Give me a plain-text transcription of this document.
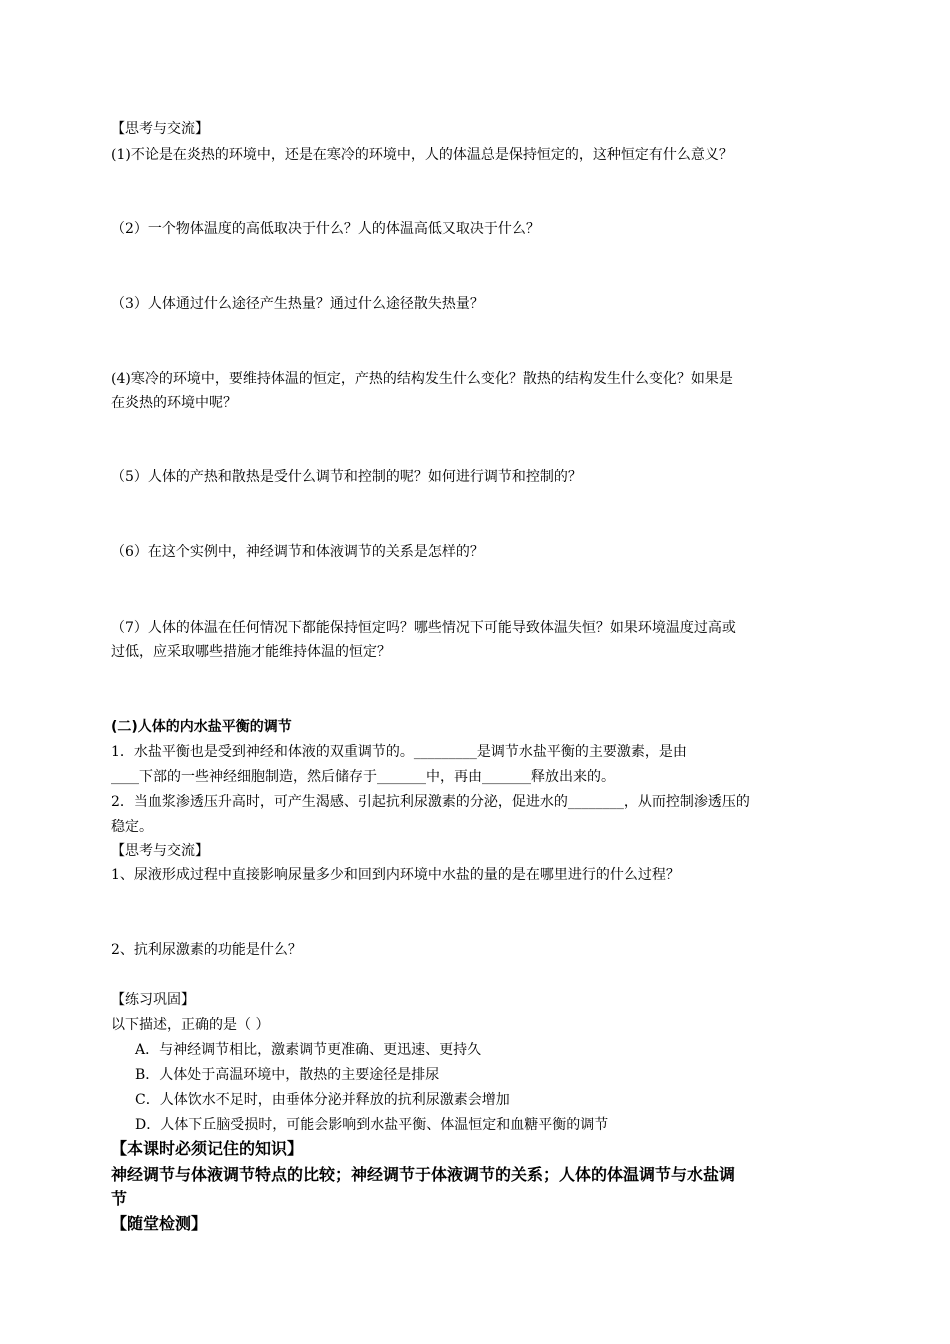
【思考与交流】
(1)不论是在炎热的环境中，还是在寒冷的环境中，人的体温总是保持恒定的，这种恒定有什么意义？
（2）一个物体温度的高低取决于什么？人的体温高低又取决于什么？
（3）人体通过什么途径产生热量？通过什么途径散失热量？
(4)寒冷的环境中，要维持体温的恒定，产热的结构发生什么变化？散热的结构发生什么变化？如果是
在炎热的环境中呢？
（5）人体的产热和散热是受什么调节和控制的呢？如何进行调节和控制的？
（6）在这个实例中，神经调节和体液调节的关系是怎样的？
（7）人体的体温在任何情况下都能保持恒定吗？哪些情况下可能导致体温失恒？如果环境温度过高或
过低，应采取哪些措施才能维持体温的恒定？
(二)人体的内水盐平衡的调节
1．水盐平衡也是受到神经和体液的双重调节的。_________是调节水盐平衡的主要激素，是由
____下部的一些神经细胞制造，然后储存于_______中，再由_______释放出来的。
2．当血浆渗透压升高时，可产生渴感、引起抗利尿激素的分泌，促进水的________，从而控制渗透压的
稳定。
【思考与交流】
1、尿液形成过程中直接影响尿量多少和回到内环境中水盐的量的是在哪里进行的什么过程？
2、抗利尿激素的功能是什么？
【练习巩固】
以下描述，正确的是（ ）
A．与神经调节相比，激素调节更准确、更迅速、更持久
B．人体处于高温环境中，散热的主要途径是排尿
C．人体饮水不足时，由垂体分泌并释放的抗利尿激素会增加
D．人体下丘脑受损时，可能会影响到水盐平衡、体温恒定和血糖平衡的调节
【本课时必须记住的知识】
神经调节与体液调节特点的比较；神经调节于体液调节的关系；人体的体温调节与水盐调
节
【随堂检测】
